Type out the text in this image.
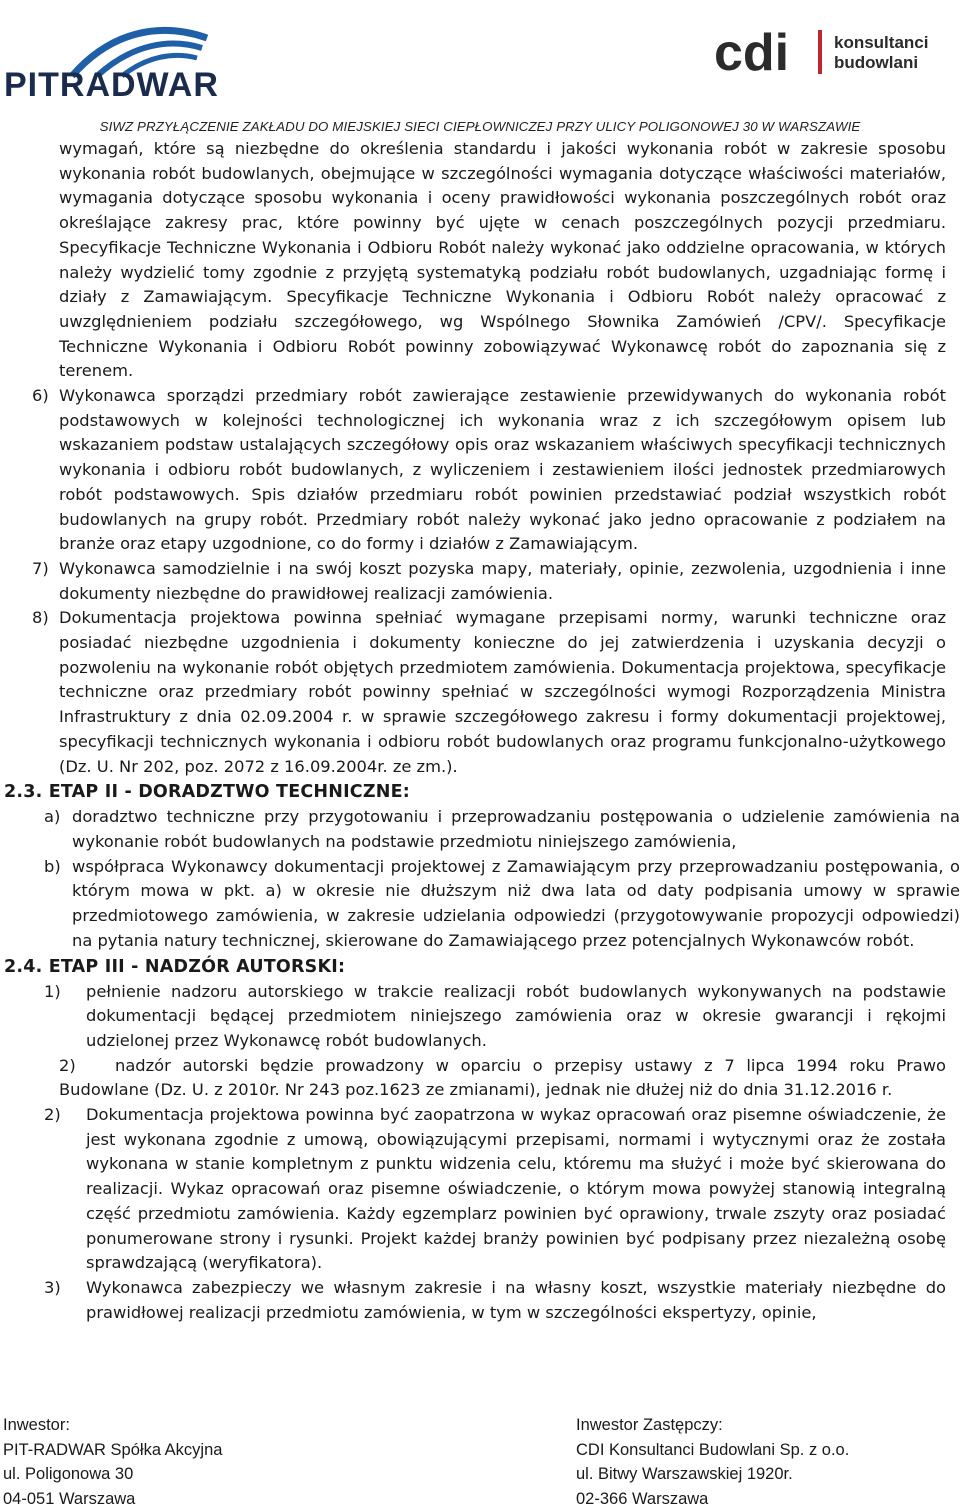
PITRADWAR
cdi	konsultanci
budowlani
SIWZ PRZYŁĄCZENIE ZAKŁADU DO MIEJSKIEJ SIECI CIEPŁOWNICZEJ PRZY ULICY POLIGONOWEJ 30 W WARSZAWIE

wymagań, które są niezbędne do określenia standardu i jakości wykonania robót w zakresie sposobu wykonania robót budowlanych, obejmujące w szczególności wymagania dotyczące właściwości materiałów, wymagania dotyczące sposobu wykonania i oceny prawidłowości wykonania poszczególnych robót oraz określające zakresy prac, które powinny być ujęte w cenach poszczególnych pozycji przedmiaru. Specyfikacje Techniczne Wykonania i Odbioru Robót należy wykonać jako oddzielne opracowania, w których należy wydzielić tomy zgodnie z przyjętą systematyką podziału robót budowlanych, uzgadniając formę i działy z Zamawiającym. Specyfikacje Techniczne Wykonania i Odbioru Robót należy opracować z uwzględnieniem podziału szczegółowego, wg Wspólnego Słownika Zamówień /CPV/. Specyfikacje Techniczne Wykonania i Odbioru Robót powinny zobowiązywać Wykonawcę robót do zapoznania się z terenem.

6) Wykonawca sporządzi przedmiary robót zawierające zestawienie przewidywanych do wykonania robót podstawowych w kolejności technologicznej ich wykonania wraz z ich szczegółowym opisem lub wskazaniem podstaw ustalających szczegółowy opis oraz wskazaniem właściwych specyfikacji technicznych wykonania i odbioru robót budowlanych, z wyliczeniem i zestawieniem ilości jednostek przedmiarowych robót podstawowych. Spis działów przedmiaru robót powinien przedstawiać podział wszystkich robót budowlanych na grupy robót. Przedmiary robót należy wykonać jako jedno opracowanie z podziałem na branże oraz etapy uzgodnione, co do formy i działów z Zamawiającym.
7) Wykonawca samodzielnie i na swój koszt pozyska mapy, materiały, opinie, zezwolenia, uzgodnienia i inne dokumenty niezbędne do prawidłowej realizacji zamówienia.
8) Dokumentacja projektowa powinna spełniać wymagane przepisami normy, warunki techniczne oraz posiadać niezbędne uzgodnienia i dokumenty konieczne do jej zatwierdzenia i uzyskania decyzji o pozwoleniu na wykonanie robót objętych przedmiotem zamówienia. Dokumentacja projektowa, specyfikacje techniczne oraz przedmiary robót powinny spełniać w szczególności wymogi Rozporządzenia Ministra Infrastruktury z dnia 02.09.2004 r. w sprawie szczegółowego zakresu i formy dokumentacji projektowej, specyfikacji technicznych wykonania i odbioru robót budowlanych oraz programu funkcjonalno-użytkowego (Dz. U. Nr 202, poz. 2072 z 16.09.2004r. ze zm.).
2.3. ETAP II - DORADZTWO TECHNICZNE:
a) doradztwo techniczne przy przygotowaniu i przeprowadzaniu postępowania o udzielenie zamówienia na wykonanie robót budowlanych na podstawie przedmiotu niniejszego zamówienia,
b) współpraca Wykonawcy dokumentacji projektowej z Zamawiającym przy przeprowadzaniu postępowania, o którym mowa w pkt. a) w okresie nie dłuższym niż dwa lata od daty podpisania umowy w sprawie przedmiotowego zamówienia, w zakresie udzielania odpowiedzi (przygotowywanie propozycji odpowiedzi) na pytania natury technicznej, skierowane do Zamawiającego przez potencjalnych Wykonawców robót.
2.4. ETAP III - NADZÓR AUTORSKI:
1)	pełnienie nadzoru autorskiego w trakcie realizacji robót budowlanych wykonywanych na podstawie dokumentacji będącej przedmiotem niniejszego zamówienia oraz w okresie gwarancji i rękojmi udzielonej przez Wykonawcę robót budowlanych.

2) nadzór autorski będzie prowadzony w oparciu o przepisy ustawy z 7 lipca 1994 roku Prawo Budowlane (Dz. U. z 2010r. Nr 243 poz.1623 ze zmianami), jednak nie dłużej niż do dnia 31.12.2016 r.

2)	Dokumentacja projektowa powinna być zaopatrzona w wykaz opracowań oraz pisemne oświadczenie, że jest wykonana zgodnie z umową, obowiązującymi przepisami, normami i wytycznymi oraz że została wykonana w stanie kompletnym z punktu widzenia celu, któremu ma służyć i może być skierowana do realizacji. Wykaz opracowań oraz pisemne oświadczenie, o którym mowa powyżej stanowią integralną część przedmiotu zamówienia. Każdy egzemplarz powinien być oprawiony, trwale zszyty oraz posiadać ponumerowane strony i rysunki. Projekt każdej branży powinien być podpisany przez niezależną osobę sprawdzającą (weryfikatora).
3)	Wykonawca zabezpieczy we własnym zakresie i na własny koszt, wszystkie materiały niezbędne do prawidłowej realizacji przedmiotu zamówienia, w tym w szczególności ekspertyzy, opinie,
Inwestor:
PIT-RADWAR Spółka Akcyjna
ul. Poligonowa 30
04-051 Warszawa
Inwestor Zastępczy:
CDI Konsultanci Budowlani Sp. z o.o.
ul. Bitwy Warszawskiej 1920r.
02-366 Warszawa
